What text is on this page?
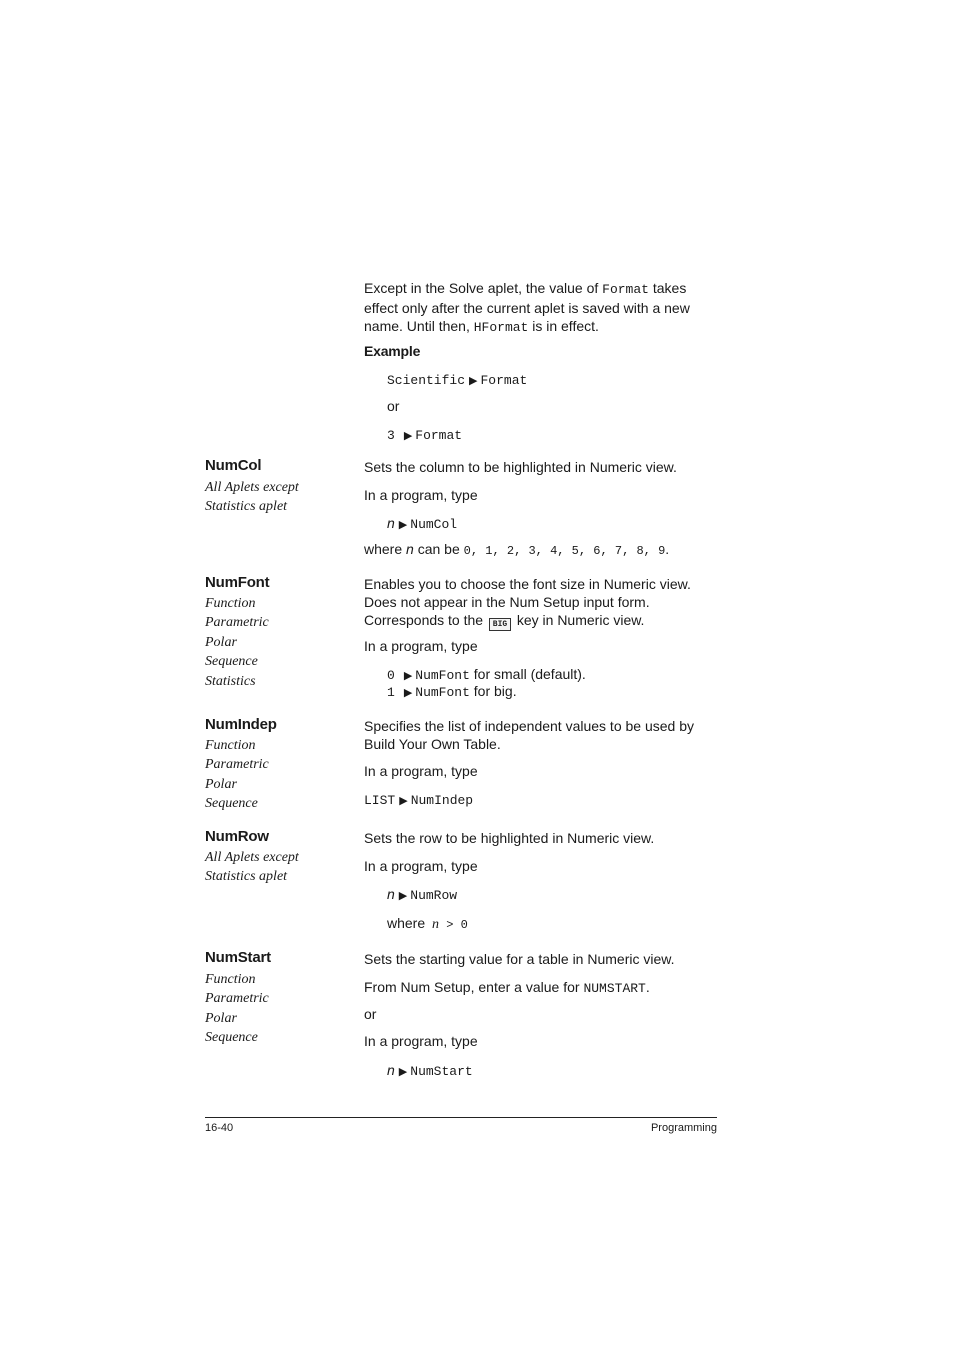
Except in the Solve aplet, the value of Format takes
effect only after the current aplet is saved with a new
name. Until then, HFormat is in effect.
Example
Scientific ▶ Format
or
3 ▶ Format
NumCol
All Aplets except
Statistics aplet
Sets the column to be highlighted in Numeric view.
In a program, type
n ▶ NumCol
where n can be 0, 1, 2, 3, 4, 5, 6, 7, 8, 9.
NumFont
Function
Parametric
Polar
Sequence
Statistics
Enables you to choose the font size in Numeric view.
Does not appear in the Num Setup input form.
Corresponds to the BIG key in Numeric view.
In a program, type
0 ▶ NumFont for small (default).
1 ▶ NumFont for big.
NumIndep
Function
Parametric
Polar
Sequence
Specifies the list of independent values to be used by
Build Your Own Table.
In a program, type
LIST ▶ NumIndep
NumRow
All Aplets except
Statistics aplet
Sets the row to be highlighted in Numeric view.
In a program, type
n ▶ NumRow
where n > 0
NumStart
Function
Parametric
Polar
Sequence
Sets the starting value for a table in Numeric view.
From Num Setup, enter a value for NUMSTART.
or
In a program, type
n ▶ NumStart
16-40	Programming
